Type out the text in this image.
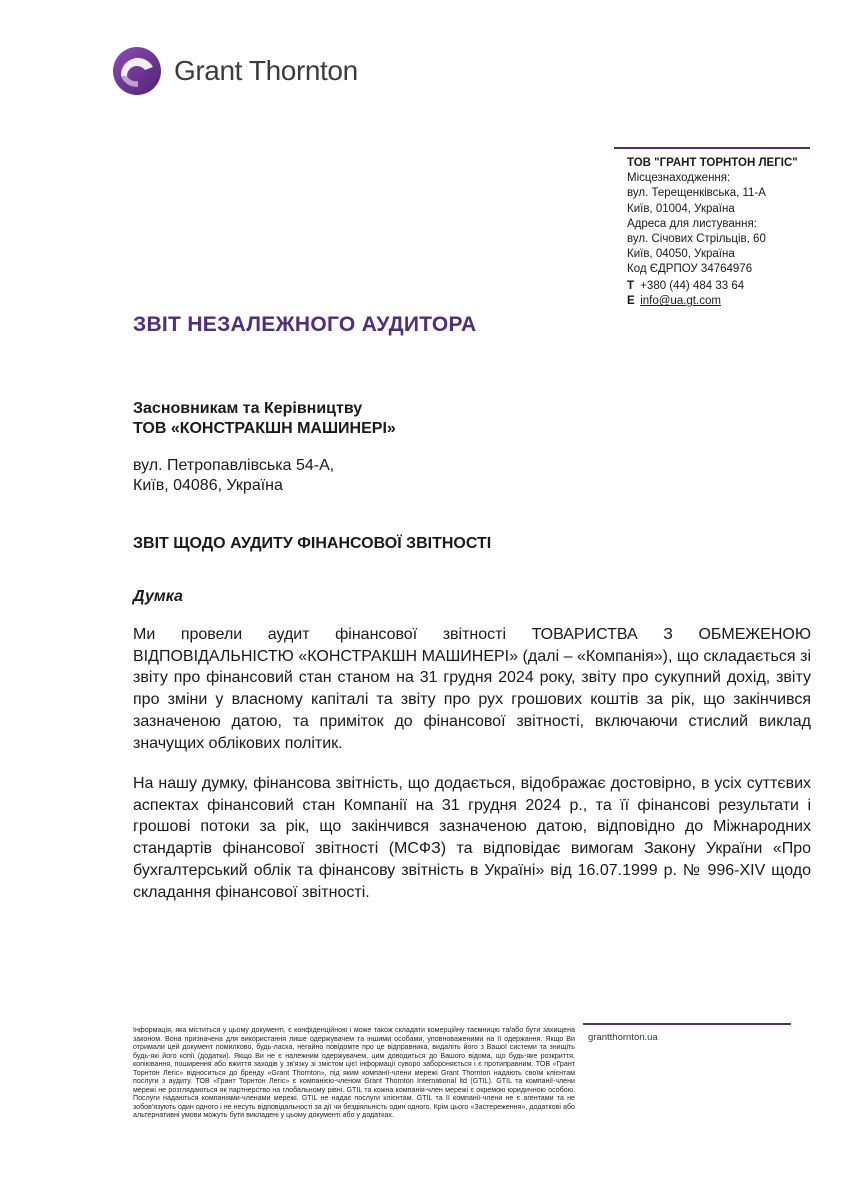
Grant Thornton
ТОВ "ГРАНТ ТОРНТОН ЛЕГІС"
Місцезнаходження:
вул. Терещенківська, 11-А
Київ, 01004, Україна
Адреса для листування:
вул. Січових Стрільців, 60
Київ, 04050, Україна
Код ЄДРПОУ 34764976
T +380 (44) 484 33 64
E info@ua.gt.com
ЗВІТ НЕЗАЛЕЖНОГО АУДИТОРА
Засновникам та Керівництву
ТОВ «КОНСТРАКШН МАШИНЕРІ»
вул. Петропавлівська 54-А,
Київ, 04086, Україна
ЗВІТ ЩОДО АУДИТУ ФІНАНСОВОЇ ЗВІТНОСТІ
Думка
Ми провели аудит фінансової звітності ТОВАРИСТВА З ОБМЕЖЕНОЮ ВІДПОВІДАЛЬНІСТЮ «КОНСТРАКШН МАШИНЕРІ» (далі – «Компанія»), що складається зі звіту про фінансовий стан станом на 31 грудня 2024 року, звіту про сукупний дохід, звіту про зміни у власному капіталі та звіту про рух грошових коштів за рік, що закінчився зазначеною датою, та приміток до фінансової звітності, включаючи стислий виклад значущих облікових політик.
На нашу думку, фінансова звітність, що додається, відображає достовірно, в усіх суттєвих аспектах фінансовий стан Компанії на 31 грудня 2024 р., та її фінансові результати і грошові потоки за рік, що закінчився зазначеною датою, відповідно до Міжнародних стандартів фінансової звітності (МСФЗ) та відповідає вимогам Закону України «Про бухгалтерський облік та фінансову звітність в Україні» від 16.07.1999 р. № 996-XIV щодо складання фінансової звітності.
Інформація, яка міститься у цьому документі, є конфіденційною і може також складати комерційну таємницю та/або бути захищена законом. Вона призначена для використання лише одержувачем та іншими особами, уповноваженими на її одержання. Якщо Ви отримали цей документ помилково, будь-ласка, негайно повідомте про це відправника, видаліть його з Вашої системи та знищіть будь-які його копії (додатки). Якщо Ви не є належним одержувачем, цим доводиться до Вашого відома, що будь-яке розкриття, копіювання, поширення або вжиття заходів у зв'язку зі змістом цієї інформації суворо забороняється і є протиправним. ТОВ «Грант Торнтон Легіс» відноситься до бренду «Grant Thornton», під яким компанії-члени мережі Grant Thornton надають своїм клієнтам послуги з аудиту. ТОВ «Грант Торнтон Легіс» є компанією-членом Grant Thornton International ltd (GTIL). GTIL та компанії-члени мережі не розглядаються як партнерство на глобальному рівні. GTIL та кожна компанія-член мережі є окремою юридичною особою. Послуги надаються компаніями-членами мережі. GTIL не надає послуги клієнтам. GTIL та її компанії-члени не є агентами та не зобов'язують один одного і не несуть відповідальності за дії чи бездіяльність один одного. Крім цього «Застереження», додаткові або альтернативні умови можуть бути викладені у цьому документі або у додатках.
grantthornton.ua
